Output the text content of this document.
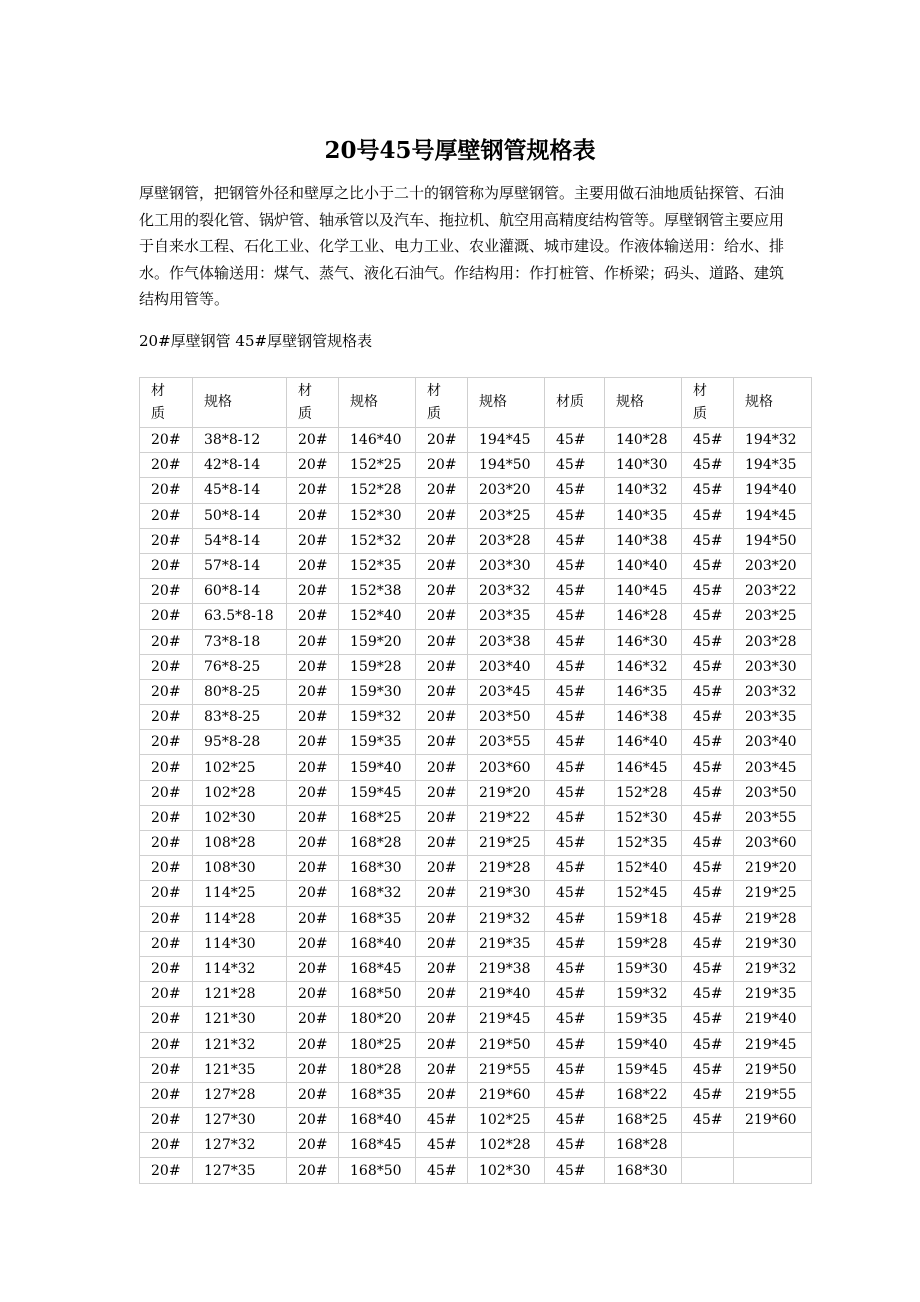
20号45号厚壁钢管规格表

厚壁钢管，把钢管外径和壁厚之比小于二十的钢管称为厚壁钢管。主要用做石油地质钻探管、石油化工用的裂化管、锅炉管、轴承管以及汽车、拖拉机、航空用高精度结构管等。厚壁钢管主要应用于自来水工程、石化工业、化学工业、电力工业、农业灌溉、城市建设。作液体输送用：给水、排水。作气体输送用：煤气、蒸气、液化石油气。作结构用：作打桩管、作桥梁；码头、道路、建筑结构用管等。

20#厚壁钢管 45#厚壁钢管规格表

材质	规格	材质	规格	材质	规格	材质	规格	材质	规格
20#	38*8-12	20#	146*40	20#	194*45	45#	140*28	45#	194*32
20#	42*8-14	20#	152*25	20#	194*50	45#	140*30	45#	194*35
20#	45*8-14	20#	152*28	20#	203*20	45#	140*32	45#	194*40
20#	50*8-14	20#	152*30	20#	203*25	45#	140*35	45#	194*45
20#	54*8-14	20#	152*32	20#	203*28	45#	140*38	45#	194*50
20#	57*8-14	20#	152*35	20#	203*30	45#	140*40	45#	203*20
20#	60*8-14	20#	152*38	20#	203*32	45#	140*45	45#	203*22
20#	63.5*8-18	20#	152*40	20#	203*35	45#	146*28	45#	203*25
20#	73*8-18	20#	159*20	20#	203*38	45#	146*30	45#	203*28
20#	76*8-25	20#	159*28	20#	203*40	45#	146*32	45#	203*30
20#	80*8-25	20#	159*30	20#	203*45	45#	146*35	45#	203*32
20#	83*8-25	20#	159*32	20#	203*50	45#	146*38	45#	203*35
20#	95*8-28	20#	159*35	20#	203*55	45#	146*40	45#	203*40
20#	102*25	20#	159*40	20#	203*60	45#	146*45	45#	203*45
20#	102*28	20#	159*45	20#	219*20	45#	152*28	45#	203*50
20#	102*30	20#	168*25	20#	219*22	45#	152*30	45#	203*55
20#	108*28	20#	168*28	20#	219*25	45#	152*35	45#	203*60
20#	108*30	20#	168*30	20#	219*28	45#	152*40	45#	219*20
20#	114*25	20#	168*32	20#	219*30	45#	152*45	45#	219*25
20#	114*28	20#	168*35	20#	219*32	45#	159*18	45#	219*28
20#	114*30	20#	168*40	20#	219*35	45#	159*28	45#	219*30
20#	114*32	20#	168*45	20#	219*38	45#	159*30	45#	219*32
20#	121*28	20#	168*50	20#	219*40	45#	159*32	45#	219*35
20#	121*30	20#	180*20	20#	219*45	45#	159*35	45#	219*40
20#	121*32	20#	180*25	20#	219*50	45#	159*40	45#	219*45
20#	121*35	20#	180*28	20#	219*55	45#	159*45	45#	219*50
20#	127*28	20#	168*35	20#	219*60	45#	168*22	45#	219*55
20#	127*30	20#	168*40	45#	102*25	45#	168*25	45#	219*60
20#	127*32	20#	168*45	45#	102*28	45#	168*28		
20#	127*35	20#	168*50	45#	102*30	45#	168*30		
